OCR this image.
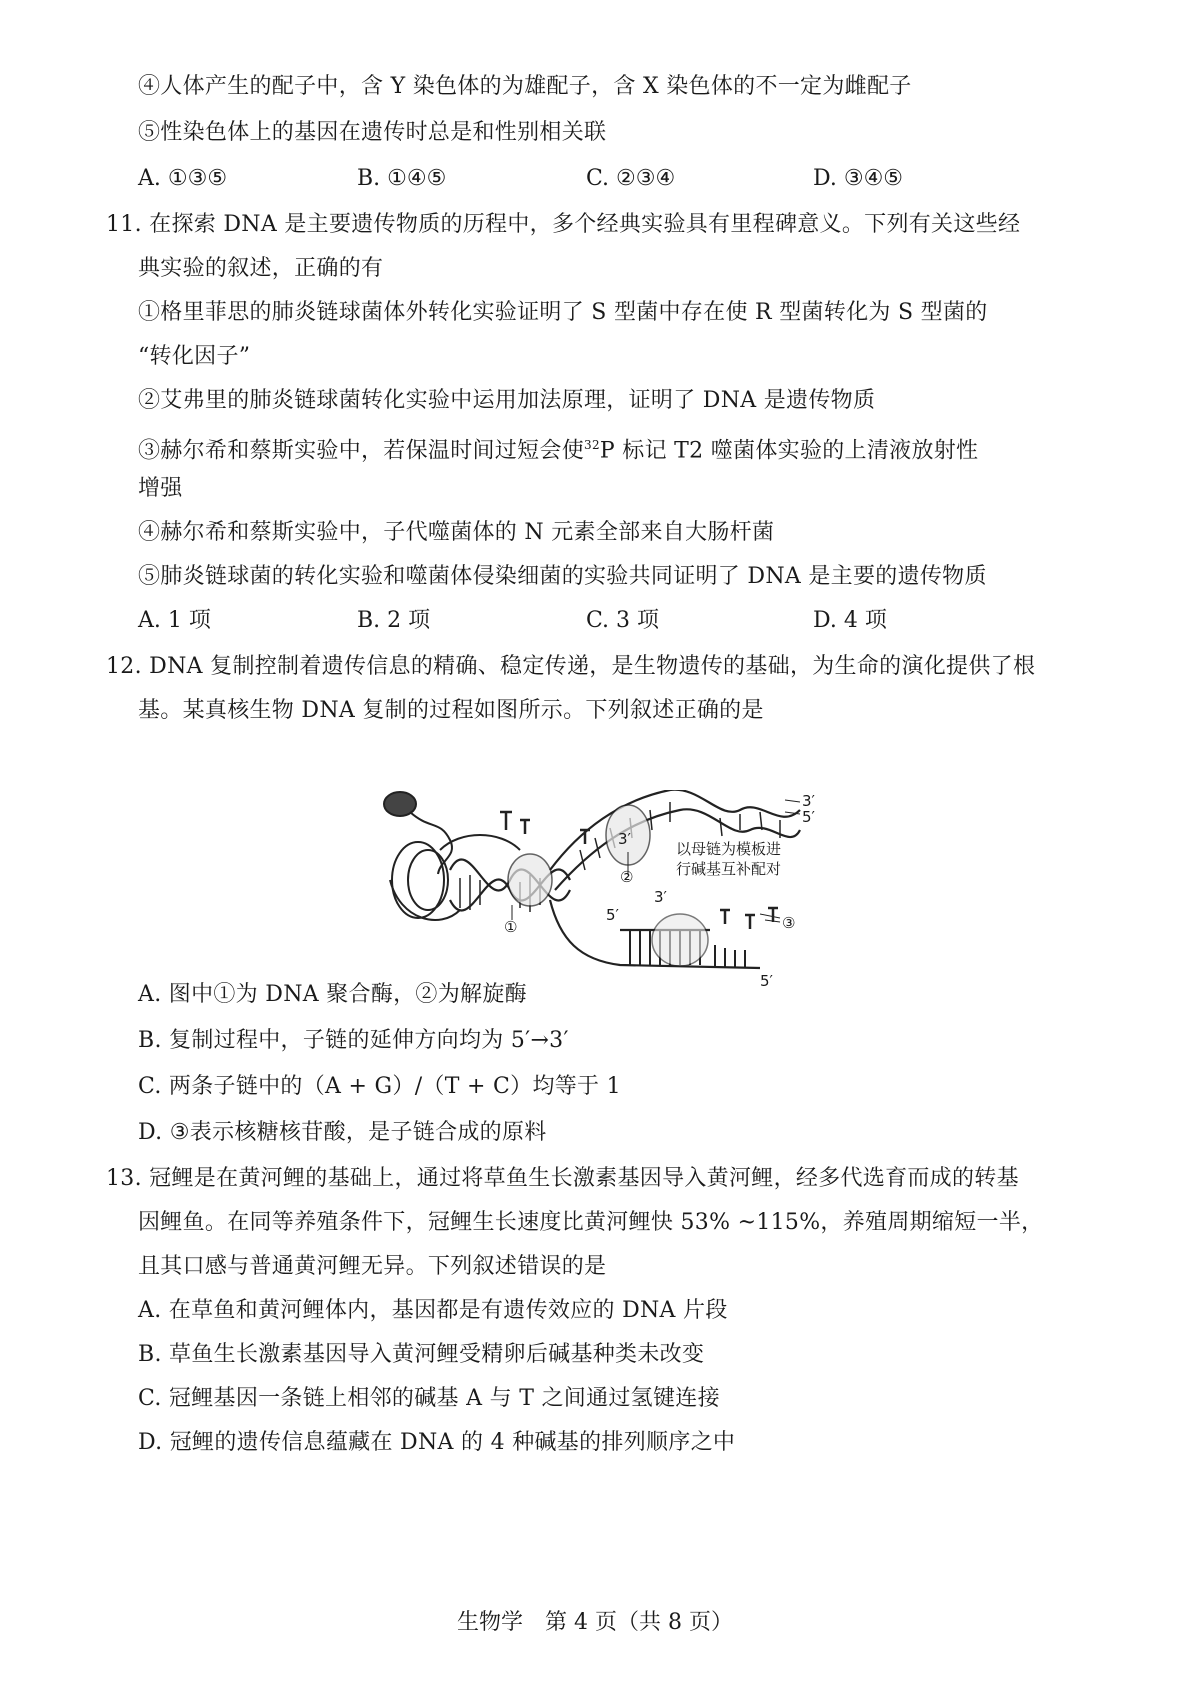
④人体产生的配子中，含 Y 染色体的为雄配子，含 X 染色体的不一定为雌配子
⑤性染色体上的基因在遗传时总是和性别相关联
A. ①③⑤	B. ①④⑤	C. ②③④	D. ③④⑤
11. 在探索 DNA 是主要遗传物质的历程中，多个经典实验具有里程碑意义。下列有关这些经
典实验的叙述，正确的有
①格里菲思的肺炎链球菌体外转化实验证明了 S 型菌中存在使 R 型菌转化为 S 型菌的
“转化因子”
②艾弗里的肺炎链球菌转化实验中运用加法原理，证明了 DNA 是遗传物质
③赫尔希和蔡斯实验中，若保温时间过短会使$^{32}$P 标记 T2 噬菌体实验的上清液放射性
增强
④赫尔希和蔡斯实验中，子代噬菌体的 N 元素全部来自大肠杆菌
⑤肺炎链球菌的转化实验和噬菌体侵染细菌的实验共同证明了 DNA 是主要的遗传物质
A. 1 项	B. 2 项	C. 3 项	D. 4 项
12. DNA 复制控制着遗传信息的精确、稳定传递，是生物遗传的基础，为生命的演化提供了根
基。某真核生物 DNA 复制的过程如图所示。下列叙述正确的是
3′
5′
以母链为模板进
行碱基互补配对
3′
②
3′
5′
①	③
5′
A. 图中①为 DNA 聚合酶，②为解旋酶
B. 复制过程中，子链的延伸方向均为 5′→3′
C. 两条子链中的（A + G）/（T + C）均等于 1
D. ③表示核糖核苷酸，是子链合成的原料
13. 冠鲤是在黄河鲤的基础上，通过将草鱼生长激素基因导入黄河鲤，经多代选育而成的转基
因鲤鱼。在同等养殖条件下，冠鲤生长速度比黄河鲤快 53% ~115%，养殖周期缩短一半，
且其口感与普通黄河鲤无异。下列叙述错误的是
A. 在草鱼和黄河鲤体内，基因都是有遗传效应的 DNA 片段
B. 草鱼生长激素基因导入黄河鲤受精卵后碱基种类未改变
C. 冠鲤基因一条链上相邻的碱基 A 与 T 之间通过氢键连接
D. 冠鲤的遗传信息蕴藏在 DNA 的 4 种碱基的排列顺序之中
生物学　第 4 页（共 8 页）
